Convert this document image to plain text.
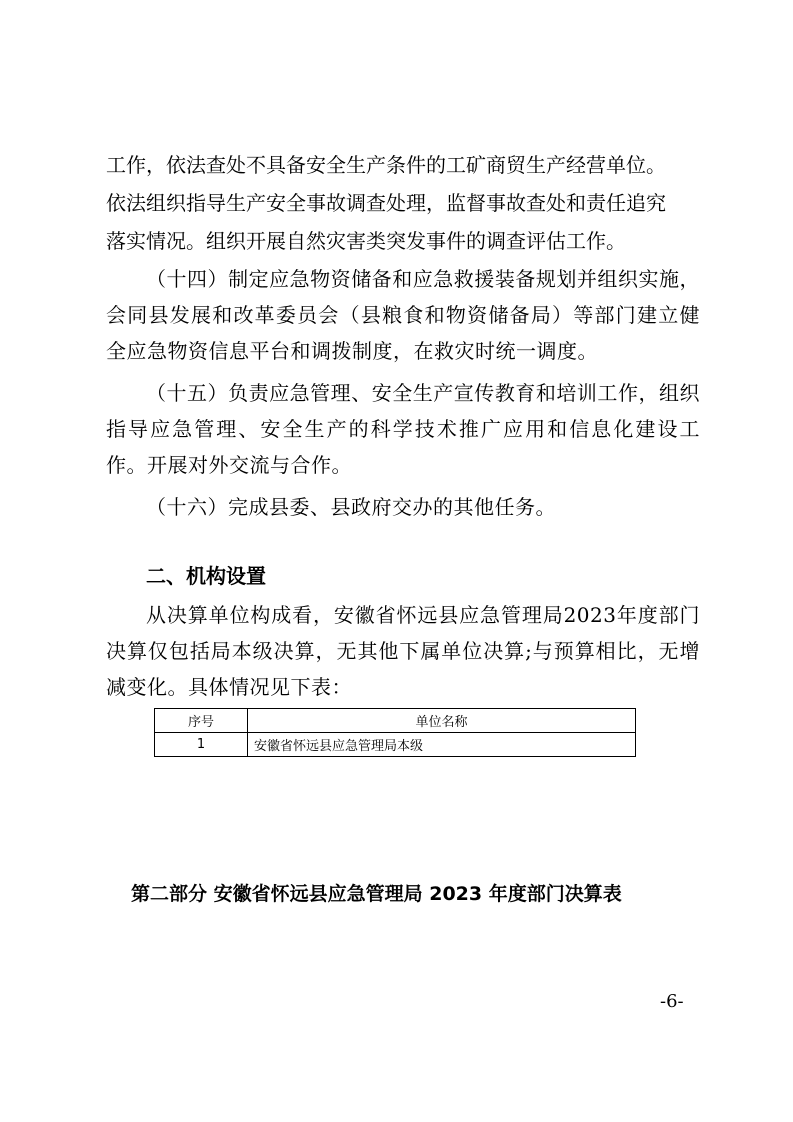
工作，依法查处不具备安全生产条件的工矿商贸生产经营单位。
依法组织指导生产安全事故调查处理，监督事故查处和责任追究
落实情况。组织开展自然灾害类突发事件的调查评估工作。

（十四）制定应急物资储备和应急救援装备规划并组织实施，会同县发展和改革委员会（县粮食和物资储备局）等部门建立健全应急物资信息平台和调拨制度，在救灾时统一调度。

（十五）负责应急管理、安全生产宣传教育和培训工作，组织指导应急管理、安全生产的科学技术推广应用和信息化建设工作。开展对外交流与合作。

（十六）完成县委、县政府交办的其他任务。

二、机构设置

从决算单位构成看，安徽省怀远县应急管理局2023年度部门决算仅包括局本级决算，无其他下属单位决算;与预算相比，无增减变化。具体情况见下表：

序号	单位名称
1	安徽省怀远县应急管理局本级
第二部分 安徽省怀远县应急管理局 2023 年度部门决算表
-6-
